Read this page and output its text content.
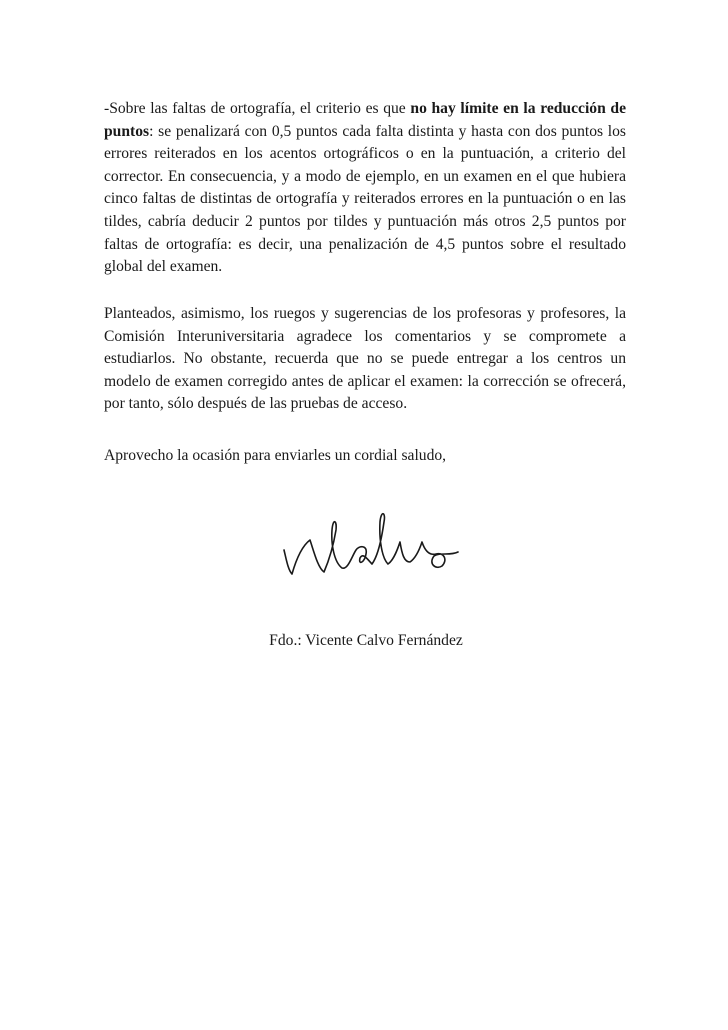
-Sobre las faltas de ortografía, el criterio es que no hay límite en la reducción de puntos: se penalizará con 0,5 puntos cada falta distinta y hasta con dos puntos los errores reiterados en los acentos ortográficos o en la puntuación, a criterio del corrector. En consecuencia, y a modo de ejemplo, en un examen en el que hubiera cinco faltas de distintas de ortografía y reiterados errores en la puntuación o en las tildes, cabría deducir 2 puntos por tildes y puntuación más otros 2,5 puntos por faltas de ortografía: es decir, una penalización de 4,5 puntos sobre el resultado global del examen.

Planteados, asimismo, los ruegos y sugerencias de los profesoras y profesores, la Comisión Interuniversitaria agradece los comentarios y se compromete a estudiarlos. No obstante, recuerda que no se puede entregar a los centros un modelo de examen corregido antes de aplicar el examen: la corrección se ofrecerá, por tanto, sólo después de las pruebas de acceso.

Aprovecho la ocasión para enviarles un cordial saludo,

Fdo.: Vicente Calvo Fernández
